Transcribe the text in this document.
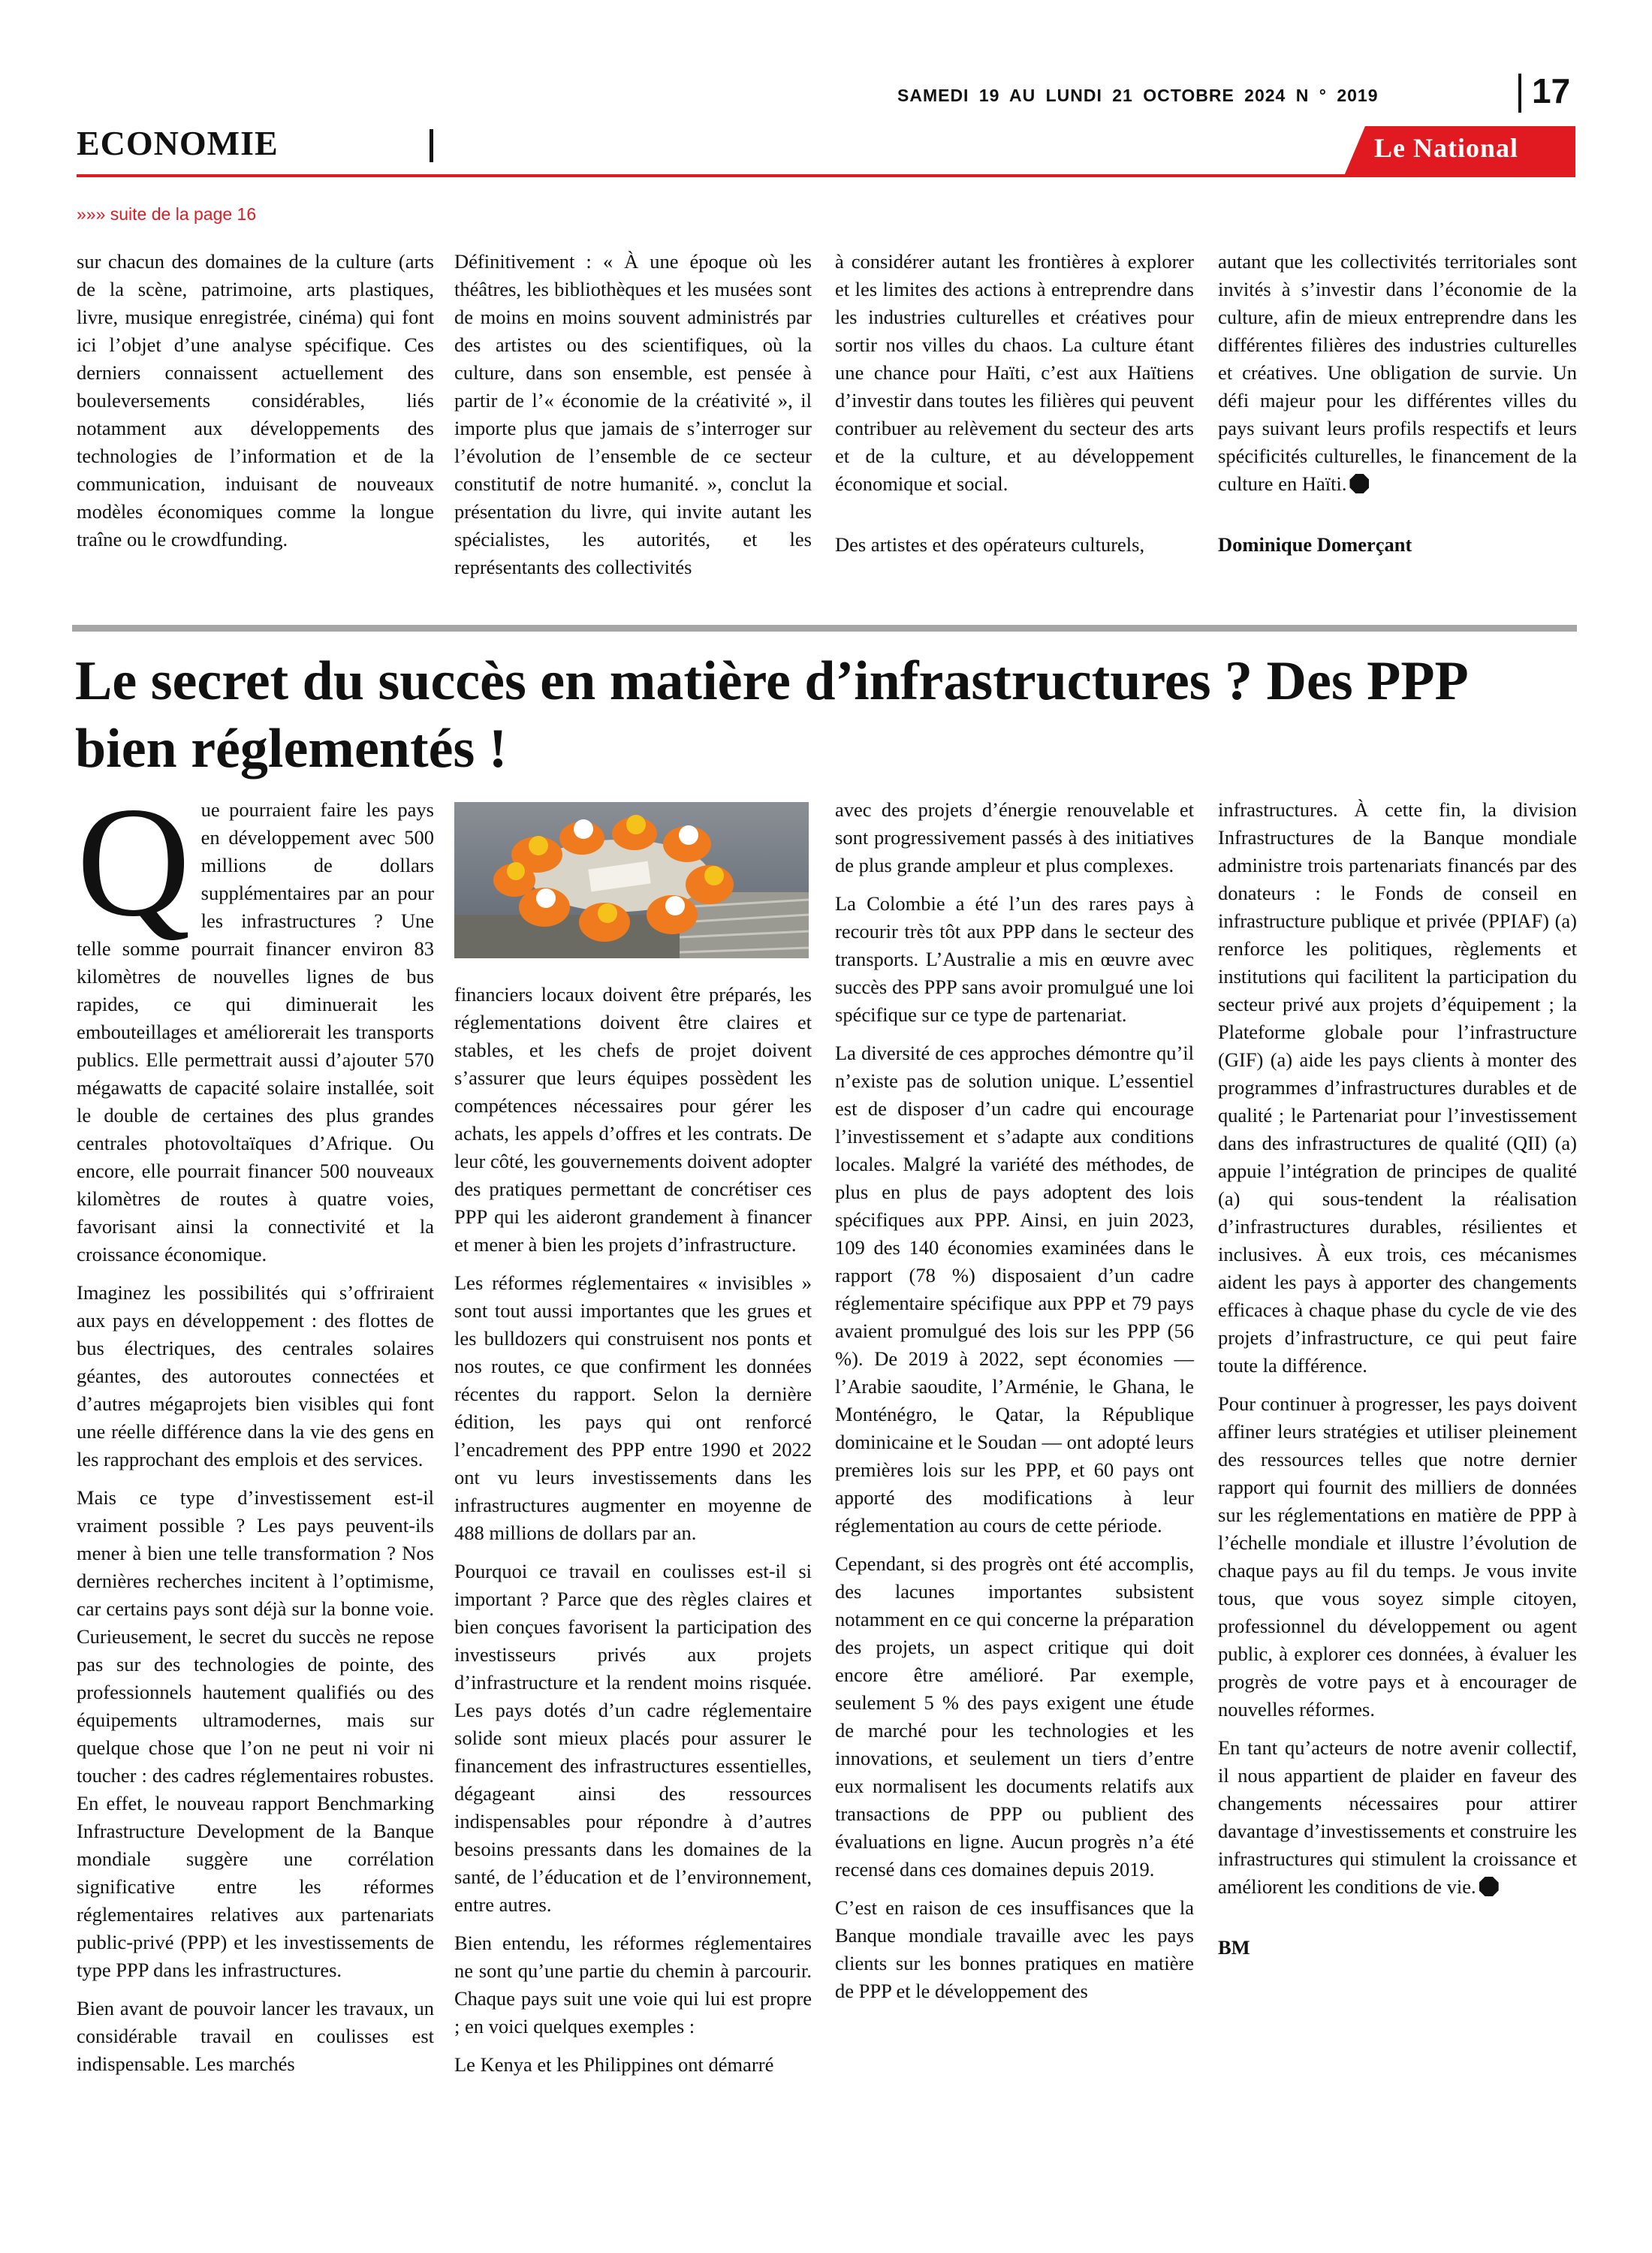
SAMEDI 19 AU LUNDI 21 OCTOBRE 2024 N ° 2019	17
ECONOMIE	Le National
»»» suite de la page 16

sur chacun des domaines de la culture (arts de la scène, patrimoine, arts plastiques, livre, musique enregistrée, cinéma) qui font ici l’objet d’une analyse spécifique. Ces derniers connaissent actuellement des bouleversements considérables, liés notamment aux développements des technologies de l’information et de la communication, induisant de nouveaux modèles économiques comme la longue traîne ou le crowdfunding.

Définitivement : « À une époque où les théâtres, les bibliothèques et les musées sont de moins en moins souvent administrés par des artistes ou des scientifiques, où la culture, dans son ensemble, est pensée à partir de l’« économie de la créativité », il importe plus que jamais de s’interroger sur l’évolution de l’ensemble de ce secteur constitutif de notre humanité. », conclut la présentation du livre, qui invite autant les spécialistes, les autorités, et les représentants des collectivités

à considérer autant les frontières à explorer et les limites des actions à entreprendre dans les industries culturelles et créatives pour sortir nos villes du chaos. La culture étant une chance pour Haïti, c’est aux Haïtiens d’investir dans toutes les filières qui peuvent contribuer au relèvement du secteur des arts et de la culture, et au développement économique et social.

Des artistes et des opérateurs culturels,

autant que les collectivités territoriales sont invités à s’investir dans l’économie de la culture, afin de mieux entreprendre dans les différentes filières des industries culturelles et créatives. Une obligation de survie. Un défi majeur pour les différentes villes du pays suivant leurs profils respectifs et leurs spécificités culturelles, le financement de la culture en Haïti.

Dominique Domerçant

Le secret du succès en matière d’infrastructures ? Des PPP bien réglementés !

Que pourraient faire les pays en développement avec 500 millions de dollars supplémentaires par an pour les infrastructures ? Une telle somme pourrait financer environ 83 kilomètres de nouvelles lignes de bus rapides, ce qui diminuerait les embouteillages et améliorerait les transports publics. Elle permettrait aussi d’ajouter 570 mégawatts de capacité solaire installée, soit le double de certaines des plus grandes centrales photovoltaïques d’Afrique. Ou encore, elle pourrait financer 500 nouveaux kilomètres de routes à quatre voies, favorisant ainsi la connectivité et la croissance économique.

Imaginez les possibilités qui s’offriraient aux pays en développement : des flottes de bus électriques, des centrales solaires géantes, des autoroutes connectées et d’autres mégaprojets bien visibles qui font une réelle différence dans la vie des gens en les rapprochant des emplois et des services.

Mais ce type d’investissement est-il vraiment possible ? Les pays peuvent-ils mener à bien une telle transformation ? Nos dernières recherches incitent à l’optimisme, car certains pays sont déjà sur la bonne voie. Curieusement, le secret du succès ne repose pas sur des technologies de pointe, des professionnels hautement qualifiés ou des équipements ultramodernes, mais sur quelque chose que l’on ne peut ni voir ni toucher : des cadres réglementaires robustes. En effet, le nouveau rapport Benchmarking Infrastructure Development de la Banque mondiale suggère une corrélation significative entre les réformes réglementaires relatives aux partenariats public-privé (PPP) et les investissements de type PPP dans les infrastructures.

Bien avant de pouvoir lancer les travaux, un considérable travail en coulisses est indispensable. Les marchés

financiers locaux doivent être préparés, les réglementations doivent être claires et stables, et les chefs de projet doivent s’assurer que leurs équipes possèdent les compétences nécessaires pour gérer les achats, les appels d’offres et les contrats. De leur côté, les gouvernements doivent adopter des pratiques permettant de concrétiser ces PPP qui les aideront grandement à financer et mener à bien les projets d’infrastructure.

Les réformes réglementaires « invisibles » sont tout aussi importantes que les grues et les bulldozers qui construisent nos ponts et nos routes, ce que confirment les données récentes du rapport. Selon la dernière édition, les pays qui ont renforcé l’encadrement des PPP entre 1990 et 2022 ont vu leurs investissements dans les infrastructures augmenter en moyenne de 488 millions de dollars par an.

Pourquoi ce travail en coulisses est-il si important ? Parce que des règles claires et bien conçues favorisent la participation des investisseurs privés aux projets d’infrastructure et la rendent moins risquée. Les pays dotés d’un cadre réglementaire solide sont mieux placés pour assurer le financement des infrastructures essentielles, dégageant ainsi des ressources indispensables pour répondre à d’autres besoins pressants dans les domaines de la santé, de l’éducation et de l’environnement, entre autres.

Bien entendu, les réformes réglementaires ne sont qu’une partie du chemin à parcourir. Chaque pays suit une voie qui lui est propre ; en voici quelques exemples :

Le Kenya et les Philippines ont démarré

avec des projets d’énergie renouvelable et sont progressivement passés à des initiatives de plus grande ampleur et plus complexes.

La Colombie a été l’un des rares pays à recourir très tôt aux PPP dans le secteur des transports. L’Australie a mis en œuvre avec succès des PPP sans avoir promulgué une loi spécifique sur ce type de partenariat.

La diversité de ces approches démontre qu’il n’existe pas de solution unique. L’essentiel est de disposer d’un cadre qui encourage l’investissement et s’adapte aux conditions locales. Malgré la variété des méthodes, de plus en plus de pays adoptent des lois spécifiques aux PPP. Ainsi, en juin 2023, 109 des 140 économies examinées dans le rapport (78 %) disposaient d’un cadre réglementaire spécifique aux PPP et 79 pays avaient promulgué des lois sur les PPP (56 %). De 2019 à 2022, sept économies — l’Arabie saoudite, l’Arménie, le Ghana, le Monténégro, le Qatar, la République dominicaine et le Soudan — ont adopté leurs premières lois sur les PPP, et 60 pays ont apporté des modifications à leur réglementation au cours de cette période.

Cependant, si des progrès ont été accomplis, des lacunes importantes subsistent notamment en ce qui concerne la préparation des projets, un aspect critique qui doit encore être amélioré. Par exemple, seulement 5 % des pays exigent une étude de marché pour les technologies et les innovations, et seulement un tiers d’entre eux normalisent les documents relatifs aux transactions de PPP ou publient des évaluations en ligne. Aucun progrès n’a été recensé dans ces domaines depuis 2019.

C’est en raison de ces insuffisances que la Banque mondiale travaille avec les pays clients sur les bonnes pratiques en matière de PPP et le développement des

infrastructures. À cette fin, la division Infrastructures de la Banque mondiale administre trois partenariats financés par des donateurs : le Fonds de conseil en infrastructure publique et privée (PPIAF) (a) renforce les politiques, règlements et institutions qui facilitent la participation du secteur privé aux projets d’équipement ; la Plateforme globale pour l’infrastructure (GIF) (a) aide les pays clients à monter des programmes d’infrastructures durables et de qualité ; le Partenariat pour l’investissement dans des infrastructures de qualité (QII) (a) appuie l’intégration de principes de qualité (a) qui sous-tendent la réalisation d’infrastructures durables, résilientes et inclusives. À eux trois, ces mécanismes aident les pays à apporter des changements efficaces à chaque phase du cycle de vie des projets d’infrastructure, ce qui peut faire toute la différence.

Pour continuer à progresser, les pays doivent affiner leurs stratégies et utiliser pleinement des ressources telles que notre dernier rapport qui fournit des milliers de données sur les réglementations en matière de PPP à l’échelle mondiale et illustre l’évolution de chaque pays au fil du temps. Je vous invite tous, que vous soyez simple citoyen, professionnel du développement ou agent public, à explorer ces données, à évaluer les progrès de votre pays et à encourager de nouvelles réformes.

En tant qu’acteurs de notre avenir collectif, il nous appartient de plaider en faveur des changements nécessaires pour attirer davantage d’investissements et construire les infrastructures qui stimulent la croissance et améliorent les conditions de vie.

BM
